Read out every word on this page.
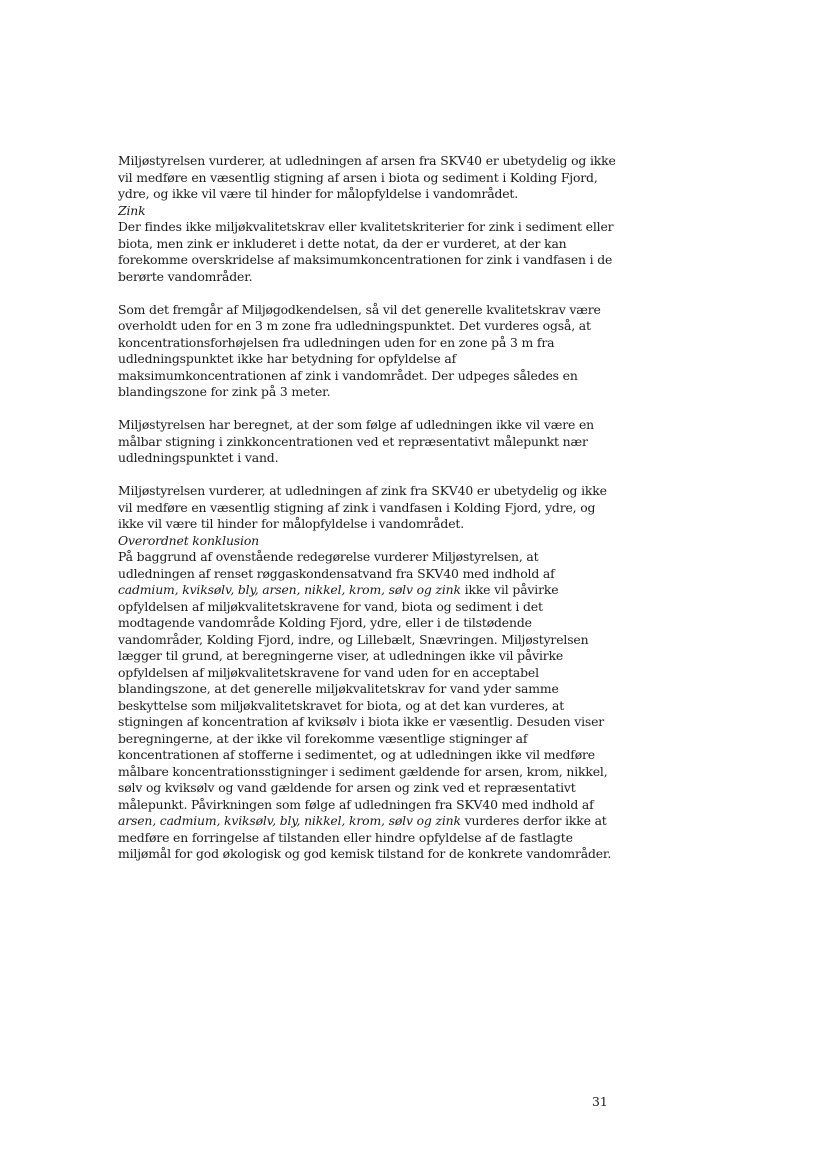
Miljøstyrelsen vurderer, at udledningen af arsen fra SKV40 er ubetydelig og ikke vil medføre en væsentlig stigning af arsen i biota og sediment i Kolding Fjord, ydre, og ikke vil være til hinder for målopfyldelse i vandområdet.

Zink

Der findes ikke miljøkvalitetskrav eller kvalitetskriterier for zink i sediment eller biota, men zink er inkluderet i dette notat, da der er vurderet, at der kan forekomme overskridelse af maksimumkoncentrationen for zink i vandfasen i de berørte vandområder.

Som det fremgår af Miljøgodkendelsen, så vil det generelle kvalitetskrav være overholdt uden for en 3 m zone fra udledningspunktet. Det vurderes også, at koncentrationsforhøjelsen fra udledningen uden for en zone på 3 m fra udledningspunktet ikke har betydning for opfyldelse af maksimumkoncentrationen af zink i vandområdet. Der udpeges således en blandingszone for zink på 3 meter.

Miljøstyrelsen har beregnet, at der som følge af udledningen ikke vil være en målbar stigning i zinkkoncentrationen ved et repræsentativt målepunkt nær udledningspunktet i vand.

Miljøstyrelsen vurderer, at udledningen af zink fra SKV40 er ubetydelig og ikke vil medføre en væsentlig stigning af zink i vandfasen i Kolding Fjord, ydre, og ikke vil være til hinder for målopfyldelse i vandområdet.

Overordnet konklusion

På baggrund af ovenstående redegørelse vurderer Miljøstyrelsen, at udledningen af renset røggaskondensatvand fra SKV40 med indhold af cadmium, kviksølv, bly, arsen, nikkel, krom, sølv og zink ikke vil påvirke opfyldelsen af miljøkvalitetskravene for vand, biota og sediment i det modtagende vandområde Kolding Fjord, ydre, eller i de tilstødende vandområder, Kolding Fjord, indre, og Lillebælt, Snævringen. Miljøstyrelsen lægger til grund, at beregningerne viser, at udledningen ikke vil påvirke opfyldelsen af miljøkvalitetskravene for vand uden for en acceptabel blandingszone, at det generelle miljøkvalitetskrav for vand yder samme beskyttelse som miljøkvalitetskravet for biota, og at det kan vurderes, at stigningen af koncentration af kviksølv i biota ikke er væsentlig. Desuden viser beregningerne, at der ikke vil forekomme væsentlige stigninger af koncentrationen af stofferne i sedimentet, og at udledningen ikke vil medføre målbare koncentrationsstigninger i sediment gældende for arsen, krom, nikkel, sølv og kviksølv og vand gældende for arsen og zink ved et repræsentativt målepunkt. Påvirkningen som følge af udledningen fra SKV40 med indhold af arsen, cadmium, kviksølv, bly, nikkel, krom, sølv og zink vurderes derfor ikke at medføre en forringelse af tilstanden eller hindre opfyldelse af de fastlagte miljømål for god økologisk og god kemisk tilstand for de konkrete vandområder.

31
